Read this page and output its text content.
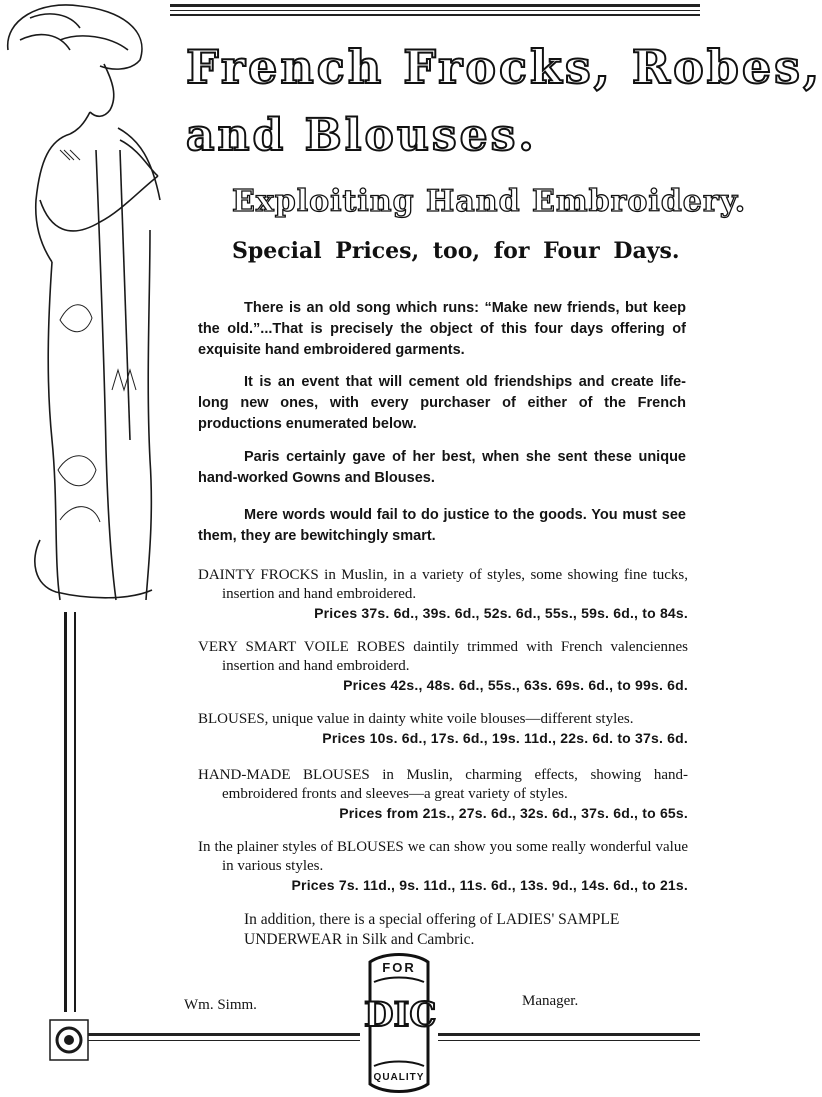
French Frocks, Robes,
and Blouses.
Exploiting Hand Embroidery.
Special Prices, too, for Four Days.
There is an old song which runs: “Make new friends, but keep the old.”...That is precisely the object of this four days offering of exquisite hand embroidered garments.
It is an event that will cement old friendships and create life-long new ones, with every purchaser of either of the French productions enumerated below.
Paris certainly gave of her best, when she sent these unique hand-worked Gowns and Blouses.
Mere words would fail to do justice to the goods. You must see them, they are bewitchingly smart.
DAINTY FROCKS in Muslin, in a variety of styles, some showing fine tucks, insertion and hand embroidered.
Prices 37s. 6d., 39s. 6d., 52s. 6d., 55s., 59s. 6d., to 84s.
VERY SMART VOILE ROBES daintily trimmed with French valenciennes insertion and hand embroiderd.
Prices 42s., 48s. 6d., 55s., 63s. 69s. 6d., to 99s. 6d.
BLOUSES, unique value in dainty white voile blouses—different styles.
Prices 10s. 6d., 17s. 6d., 19s. 11d., 22s. 6d. to 37s. 6d.
HAND-MADE BLOUSES in Muslin, charming effects, showing hand-embroidered fronts and sleeves—a great variety of styles.
Prices from 21s., 27s. 6d., 32s. 6d., 37s. 6d., to 65s.
In the plainer styles of BLOUSES we can show you some really wonderful value in various styles.
Prices 7s. 11d., 9s. 11d., 11s. 6d., 13s. 9d., 14s. 6d., to 21s.
In addition, there is a special offering of LADIES' SAMPLE UNDERWEAR in Silk and Cambric.
Wm. Simm.	Manager.
FOR
DIC
QUALITY
